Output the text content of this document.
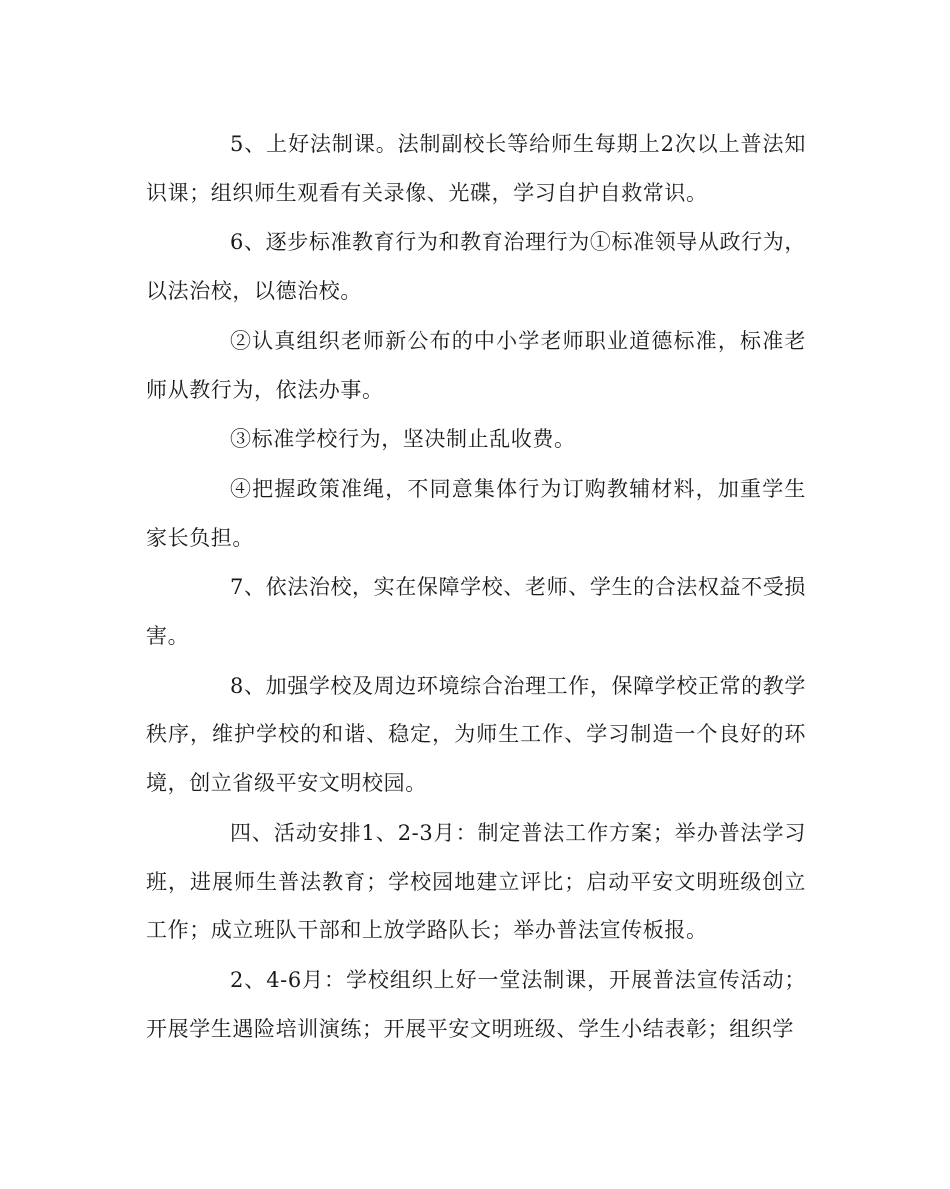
5、上好法制课。法制副校长等给师生每期上2次以上普法知识课；组织师生观看有关录像、光碟，学习自护自救常识。

6、逐步标准教育行为和教育治理行为①标准领导从政行为，以法治校，以德治校。

②认真组织老师新公布的中小学老师职业道德标准，标准老师从教行为，依法办事。

③标准学校行为，坚决制止乱收费。

④把握政策准绳，不同意集体行为订购教辅材料，加重学生家长负担。

7、依法治校，实在保障学校、老师、学生的合法权益不受损害。

8、加强学校及周边环境综合治理工作，保障学校正常的教学秩序，维护学校的和谐、稳定，为师生工作、学习制造一个良好的环境，创立省级平安文明校园。

四、活动安排1、2-3月：制定普法工作方案；举办普法学习班，进展师生普法教育；学校园地建立评比；启动平安文明班级创立工作；成立班队干部和上放学路队长；举办普法宣传板报。

2、4-6月：学校组织上好一堂法制课，开展普法宣传活动；开展学生遇险培训演练；开展平安文明班级、学生小结表彰；组织学
